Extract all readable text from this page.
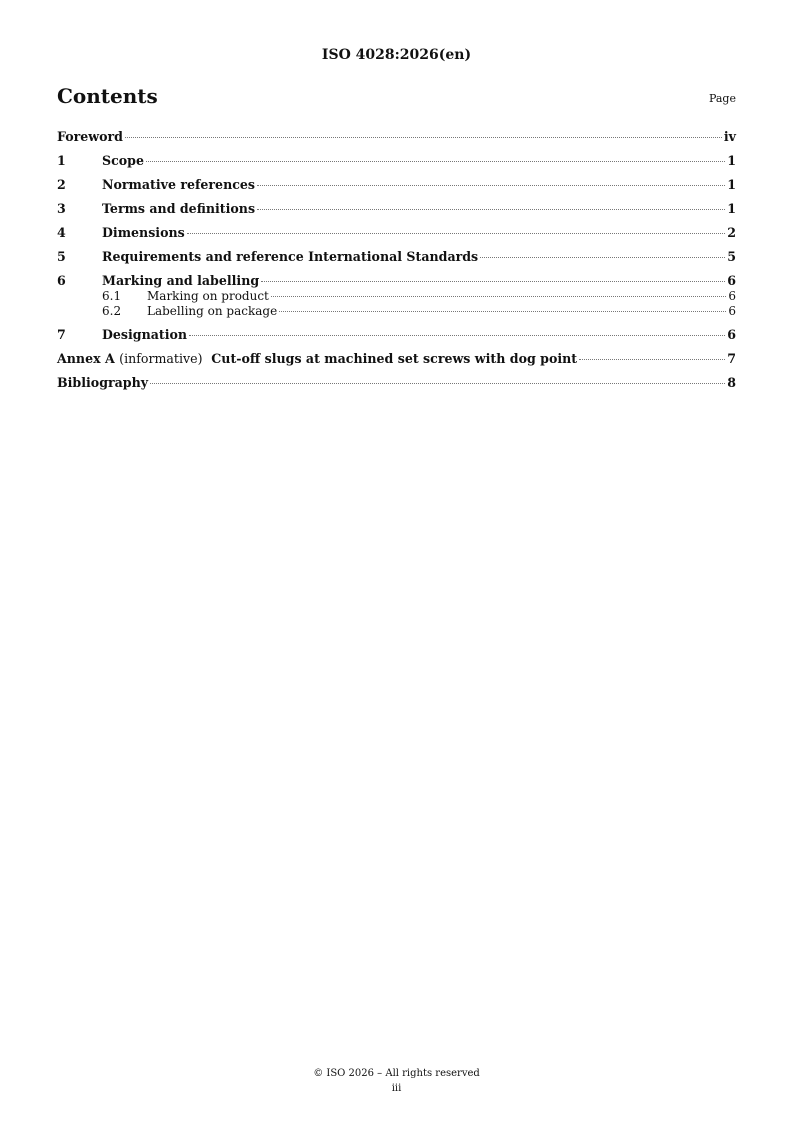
ISO 4028:2026(en)
Contents	Page
Foreword	iv
1	Scope	1
2	Normative references	1
3	Terms and definitions	1
4	Dimensions	2
5	Requirements and reference International Standards	5
6	Marking and labelling	6
6.1	Marking on product	6
6.2	Labelling on package	6
7	Designation	6
Annex A (informative) Cut-off slugs at machined set screws with dog point	7
Bibliography	8
© ISO 2026 – All rights reserved
iii
